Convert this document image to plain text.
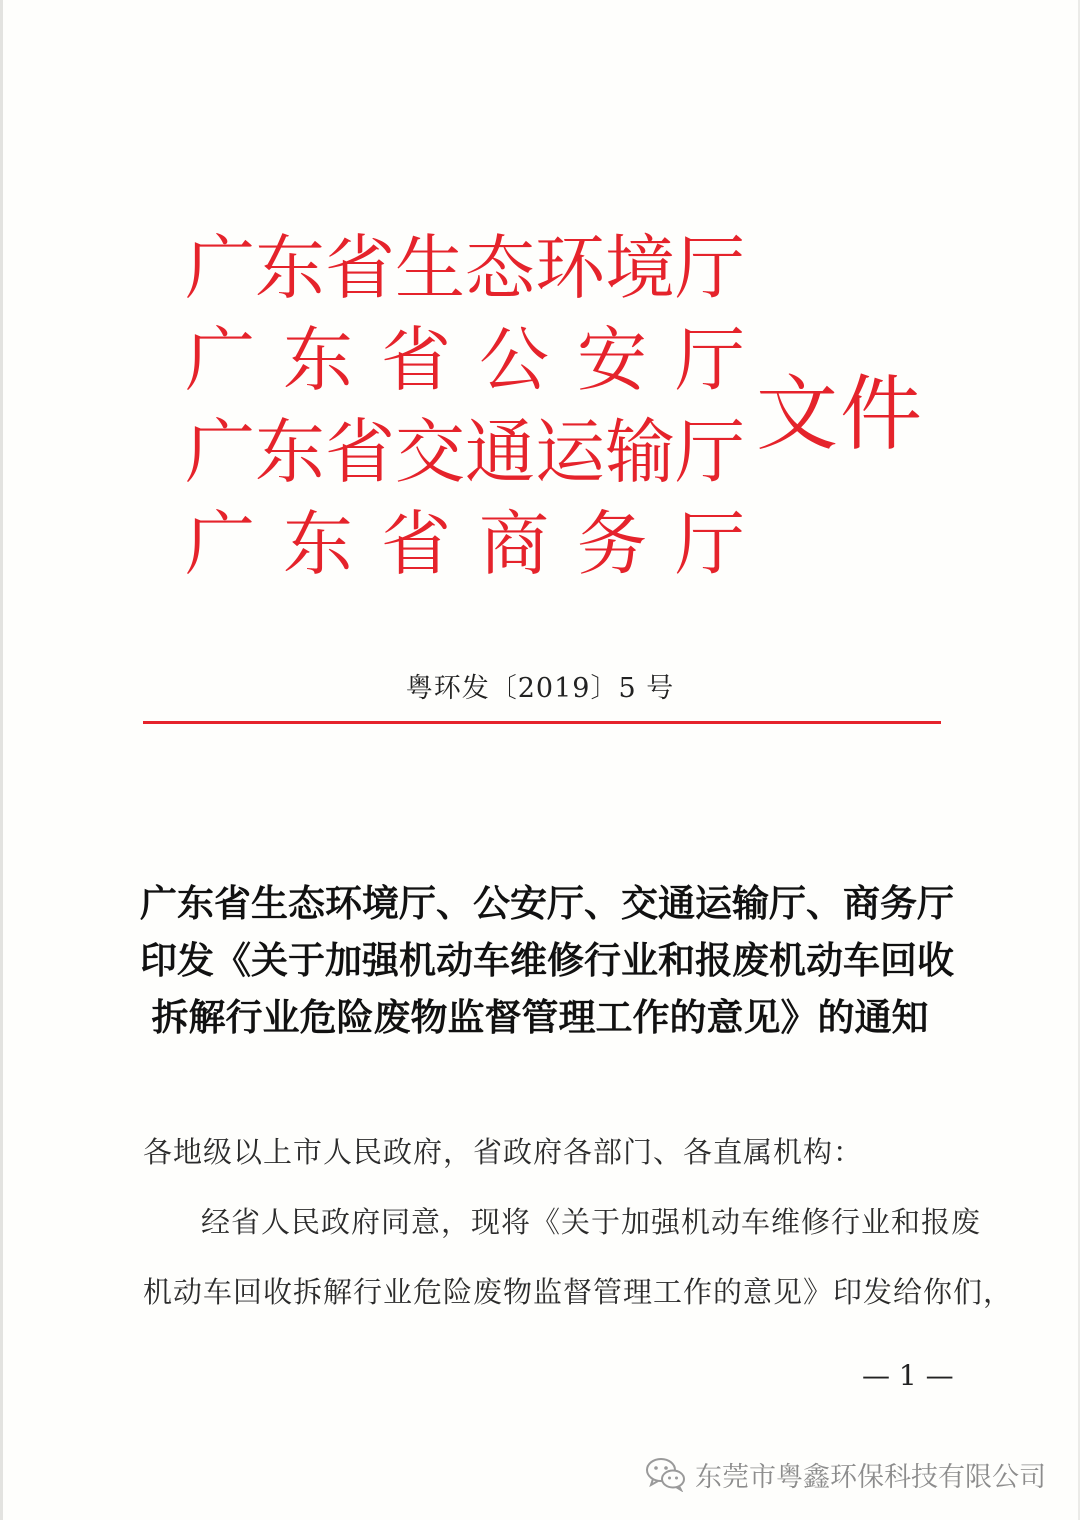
广 东 省 生 态 环 境 厅
广 东 省 公 安 厅
广 东 省 交 通 运 输 厅
广 东 省 商 务 厅
文件
粤环发〔2019〕5 号
广东省生态环境厅、公安厅、交通运输厅、商务厅
印发《关于加强机动车维修行业和报废机动车回收
拆解行业危险废物监督管理工作的意见》的通知
各地级以上市人民政府，省政府各部门、各直属机构：
经省人民政府同意，现将《关于加强机动车维修行业和报废
机动车回收拆解行业危险废物监督管理工作的意见》印发给你们，
— 1 —
东莞市粤鑫环保科技有限公司
